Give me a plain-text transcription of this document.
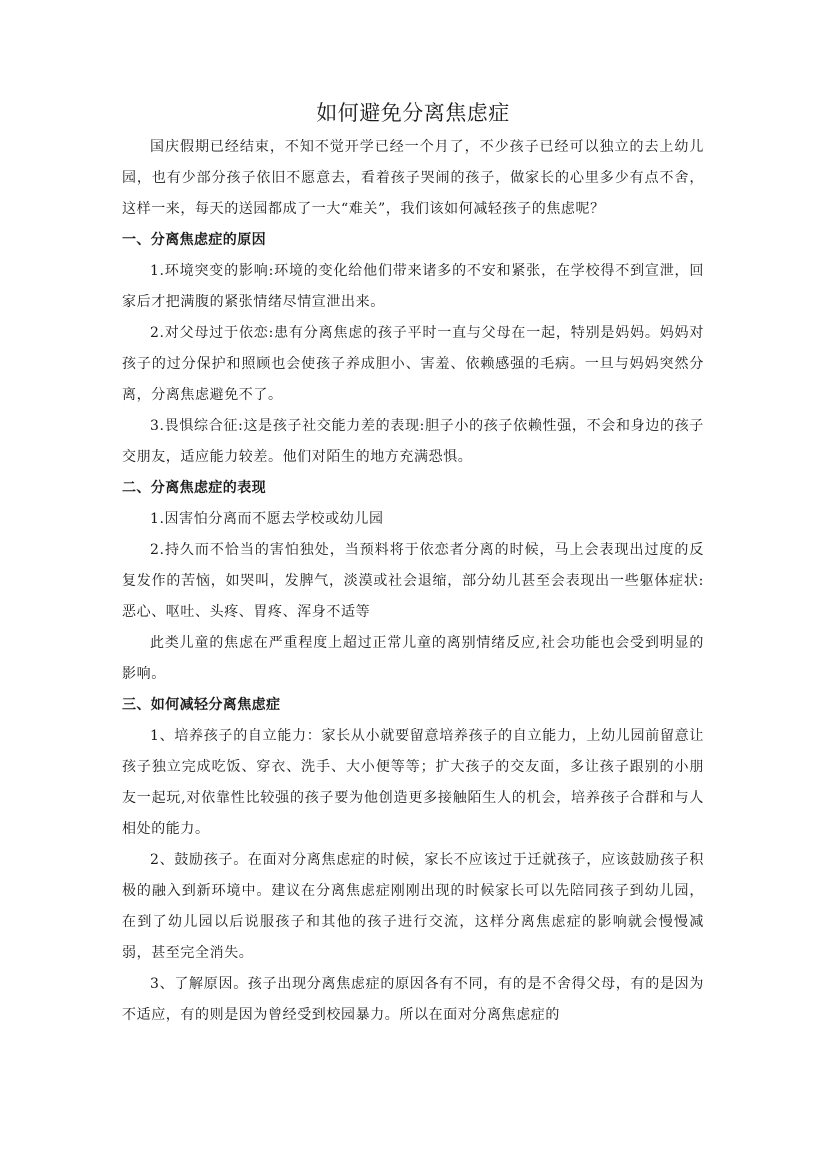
如何避免分离焦虑症

国庆假期已经结束，不知不觉开学已经一个月了，不少孩子已经可以独立的去上幼儿园，也有少部分孩子依旧不愿意去，看着孩子哭闹的孩子，做家长的心里多少有点不舍，这样一来，每天的送园都成了一大“难关”，我们该如何减轻孩子的焦虑呢？

一、分离焦虑症的原因

1.环境突变的影响:环境的变化给他们带来诸多的不安和紧张，在学校得不到宣泄，回家后才把满腹的紧张情绪尽情宣泄出来。

2.对父母过于依恋:患有分离焦虑的孩子平时一直与父母在一起，特别是妈妈。妈妈对孩子的过分保护和照顾也会使孩子养成胆小、害羞、依赖感强的毛病。一旦与妈妈突然分离，分离焦虑避免不了。

3.畏惧综合征:这是孩子社交能力差的表现:胆子小的孩子依赖性强，不会和身边的孩子交朋友，适应能力较差。他们对陌生的地方充满恐惧。

二、分离焦虑症的表现

1.因害怕分离而不愿去学校或幼儿园

2.持久而不恰当的害怕独处，当预料将于依恋者分离的时候，马上会表现出过度的反复发作的苦恼，如哭叫，发脾气，淡漠或社会退缩，部分幼儿甚至会表现出一些躯体症状:恶心、呕吐、头疼、胃疼、浑身不适等

此类儿童的焦虑在严重程度上超过正常儿童的离别情绪反应,社会功能也会受到明显的影响。

三、如何减轻分离焦虑症

1、培养孩子的自立能力：家长从小就要留意培养孩子的自立能力，上幼儿园前留意让孩子独立完成吃饭、穿衣、洗手、大小便等等；扩大孩子的交友面，多让孩子跟别的小朋友一起玩,对依靠性比较强的孩子要为他创造更多接触陌生人的机会，培养孩子合群和与人相处的能力。

2、鼓励孩子。在面对分离焦虑症的时候，家长不应该过于迁就孩子，应该鼓励孩子积极的融入到新环境中。建议在分离焦虑症刚刚出现的时候家长可以先陪同孩子到幼儿园，在到了幼儿园以后说服孩子和其他的孩子进行交流，这样分离焦虑症的影响就会慢慢减弱，甚至完全消失。

3、了解原因。孩子出现分离焦虑症的原因各有不同，有的是不舍得父母，有的是因为不适应，有的则是因为曾经受到校园暴力。所以在面对分离焦虑症的
